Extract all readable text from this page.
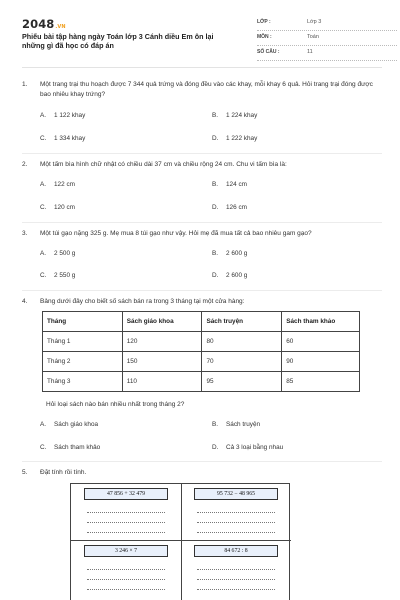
2048.VN
Phiếu bài tập hàng ngày Toán lớp 3 Cánh diều Em ôn lại những gì đã học có đáp án
LỚP :	Lớp 3
MÔN :	Toán
SỐ CÂU :	11
1. Một trang trại thu hoạch được 7 344 quả trứng và đóng đều vào các khay, mỗi khay 6 quả. Hỏi trang trại đóng được bao nhiêu khay trứng?
A. 1 122 khay	B. 1 224 khay
C. 1 334 khay	D. 1 222 khay
2. Một tấm bìa hình chữ nhật có chiều dài 37 cm và chiều rộng 24 cm. Chu vi tấm bìa là:
A. 122 cm	B. 124 cm
C. 120 cm	D. 126 cm
3. Một túi gạo nặng 325 g. Mẹ mua 8 túi gạo như vậy. Hỏi mẹ đã mua tất cả bao nhiêu gam gạo?
A. 2 500 g	B. 2 600 g
C. 2 550 g	D. 2 600 g
4. Bảng dưới đây cho biết số sách bán ra trong 3 tháng tại một cửa hàng:
Tháng	Sách giáo khoa	Sách truyện	Sách tham khảo
Tháng 1	120	80	60
Tháng 2	150	70	90
Tháng 3	110	95	85
Hỏi loại sách nào bán nhiều nhất trong tháng 2?
A. Sách giáo khoa	B. Sách truyện
C. Sách tham khảo	D. Cả 3 loại bằng nhau
5. Đặt tính rồi tính.
47 856 + 32 479	95 732 − 48 965
3 246 × 7	84 672 : 8
